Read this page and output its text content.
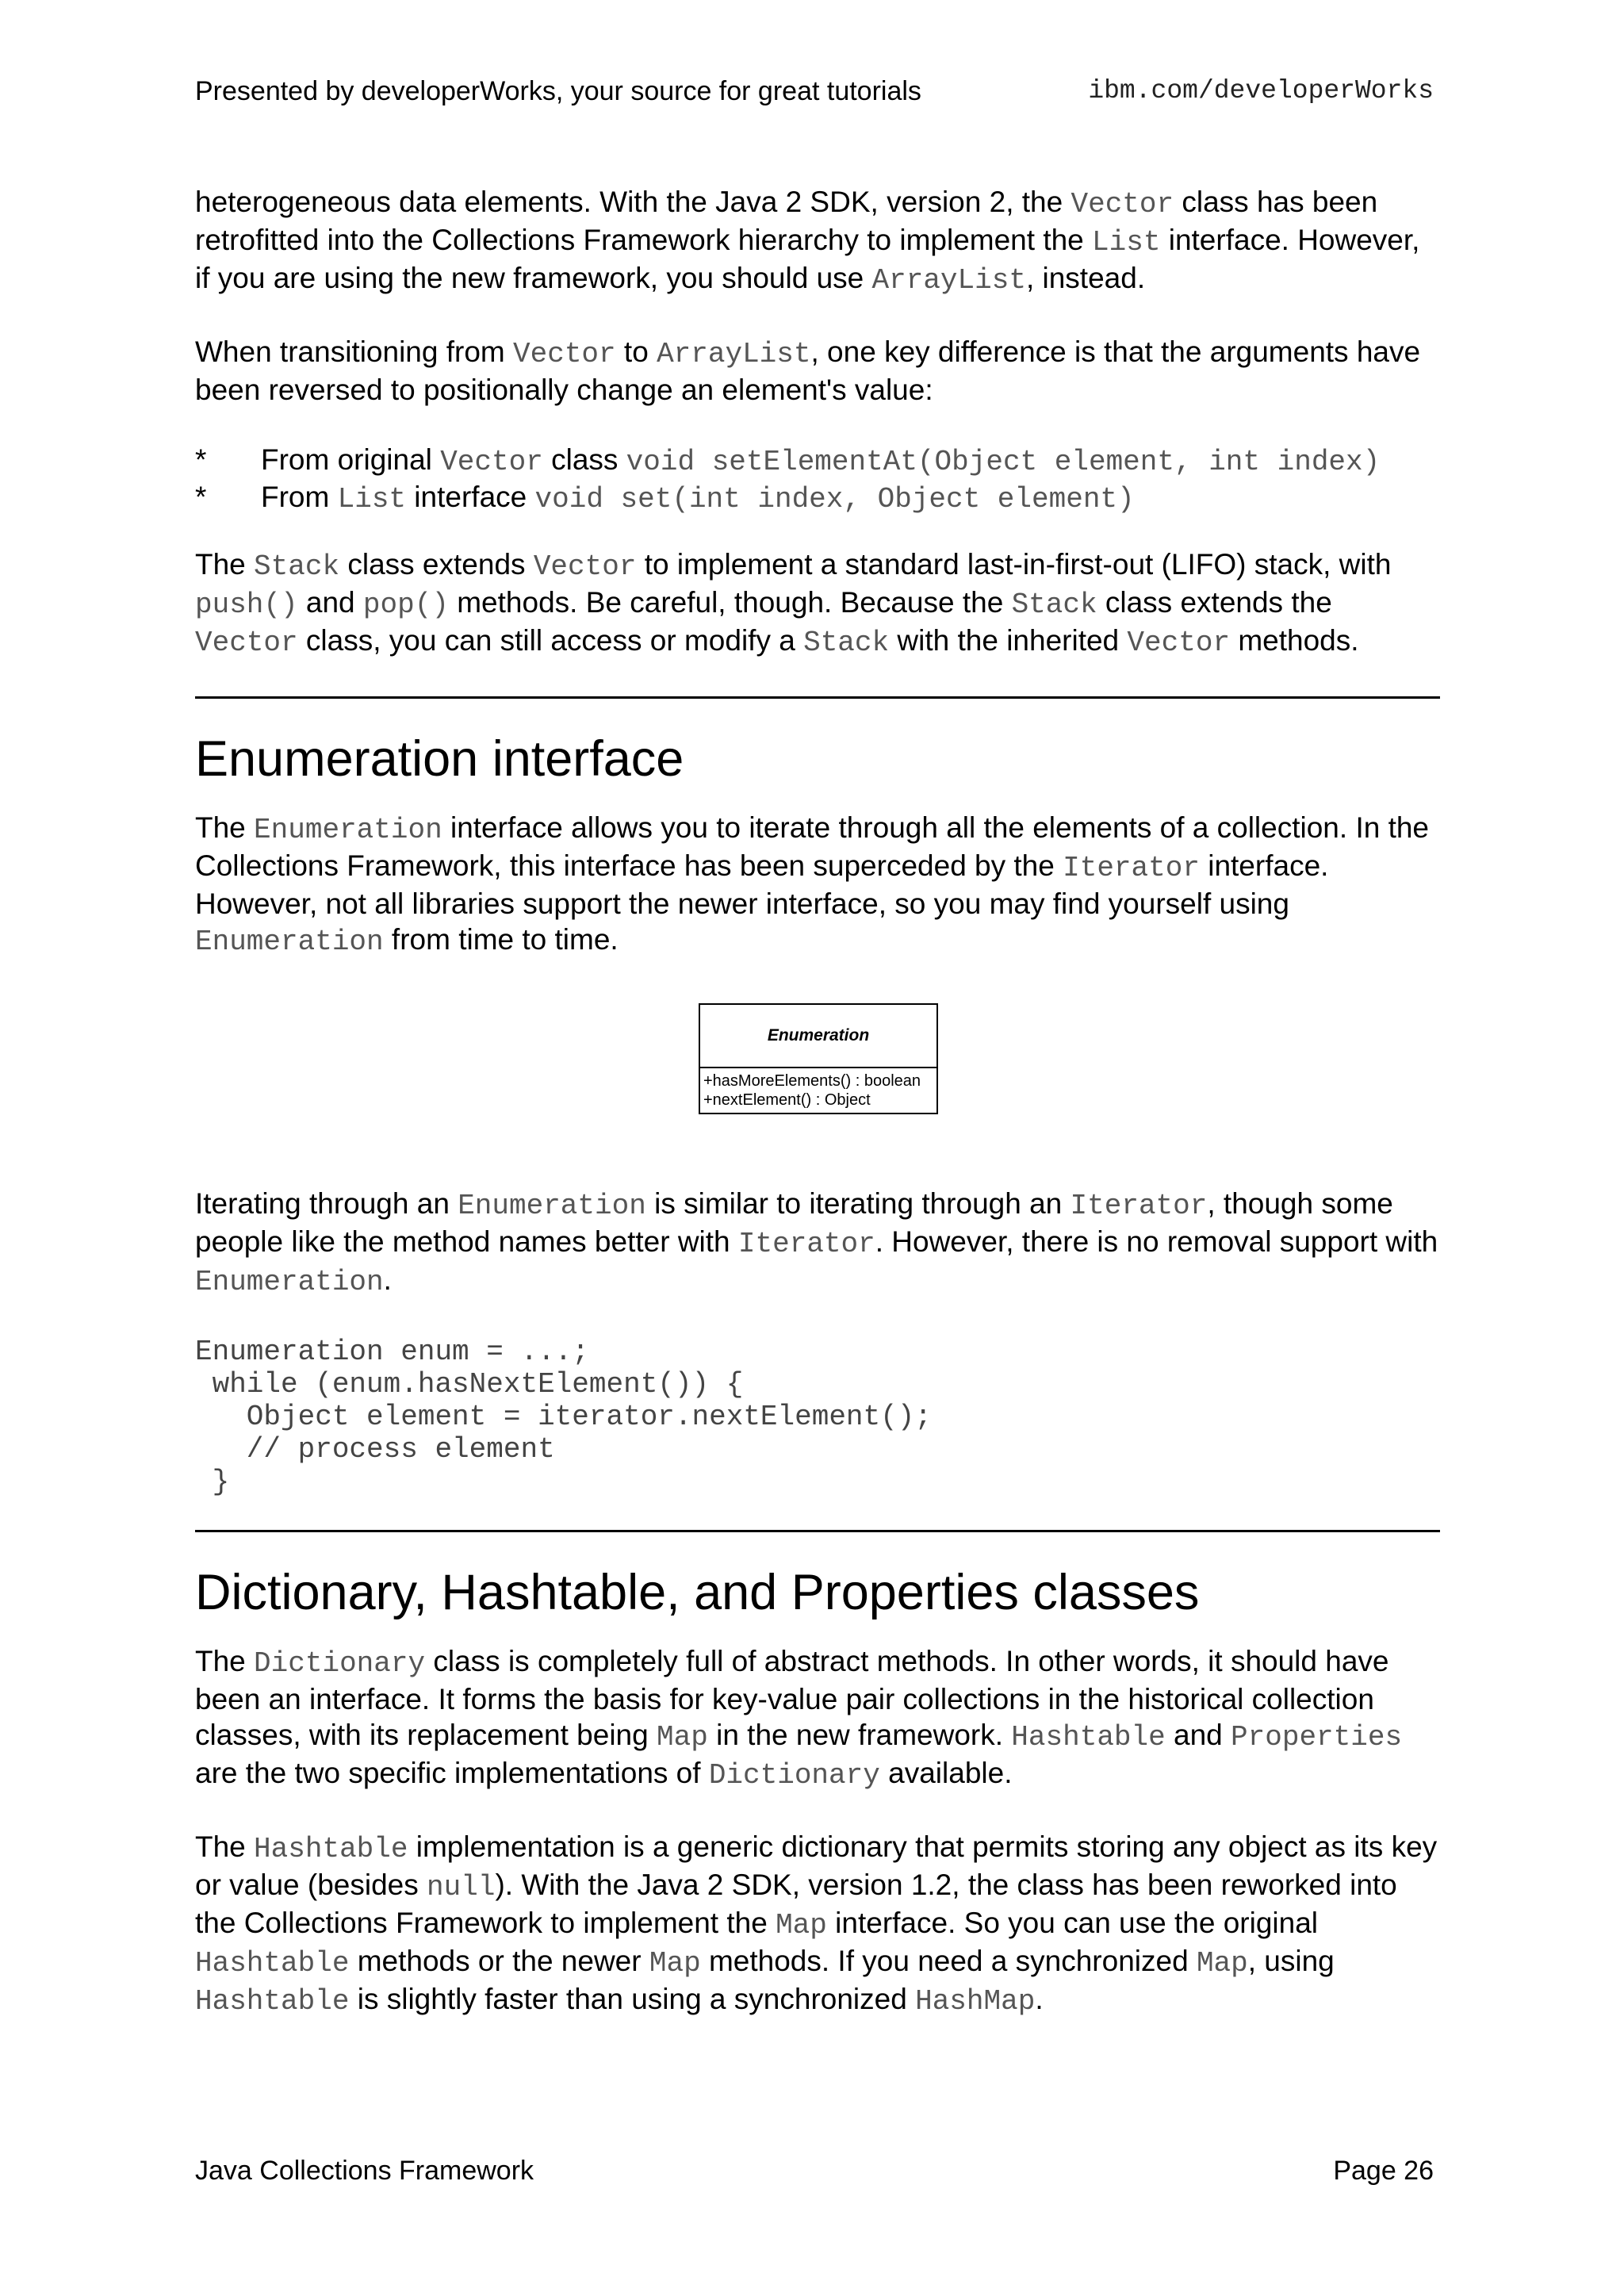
Presented by developerWorks, your source for great tutorials	ibm.com/developerWorks

heterogeneous data elements. With the Java 2 SDK, version 2, the Vector class has been retrofitted into the Collections Framework hierarchy to implement the List interface. However, if you are using the new framework, you should use ArrayList, instead.

When transitioning from Vector to ArrayList, one key difference is that the arguments have been reversed to positionally change an element's value:

* From original Vector class void setElementAt(Object element, int index)
* From List interface void set(int index, Object element)

The Stack class extends Vector to implement a standard last-in-first-out (LIFO) stack, with push() and pop() methods. Be careful, though. Because the Stack class extends the Vector class, you can still access or modify a Stack with the inherited Vector methods.

Enumeration interface

The Enumeration interface allows you to iterate through all the elements of a collection. In the Collections Framework, this interface has been superceded by the Iterator interface. However, not all libraries support the newer interface, so you may find yourself using Enumeration from time to time.

Enumeration
+hasMoreElements() : boolean
+nextElement() : Object

Iterating through an Enumeration is similar to iterating through an Iterator, though some people like the method names better with Iterator. However, there is no removal support with Enumeration.

Enumeration enum = ...;
while (enum.hasNextElement()) {
Object element = iterator.nextElement();
// process element
}
Dictionary, Hashtable, and Properties classes

The Dictionary class is completely full of abstract methods. In other words, it should have been an interface. It forms the basis for key-value pair collections in the historical collection classes, with its replacement being Map in the new framework. Hashtable and Properties are the two specific implementations of Dictionary available.

The Hashtable implementation is a generic dictionary that permits storing any object as its key or value (besides null). With the Java 2 SDK, version 1.2, the class has been reworked into the Collections Framework to implement the Map interface. So you can use the original Hashtable methods or the newer Map methods. If you need a synchronized Map, using Hashtable is slightly faster than using a synchronized HashMap.

Java Collections Framework	Page 26
